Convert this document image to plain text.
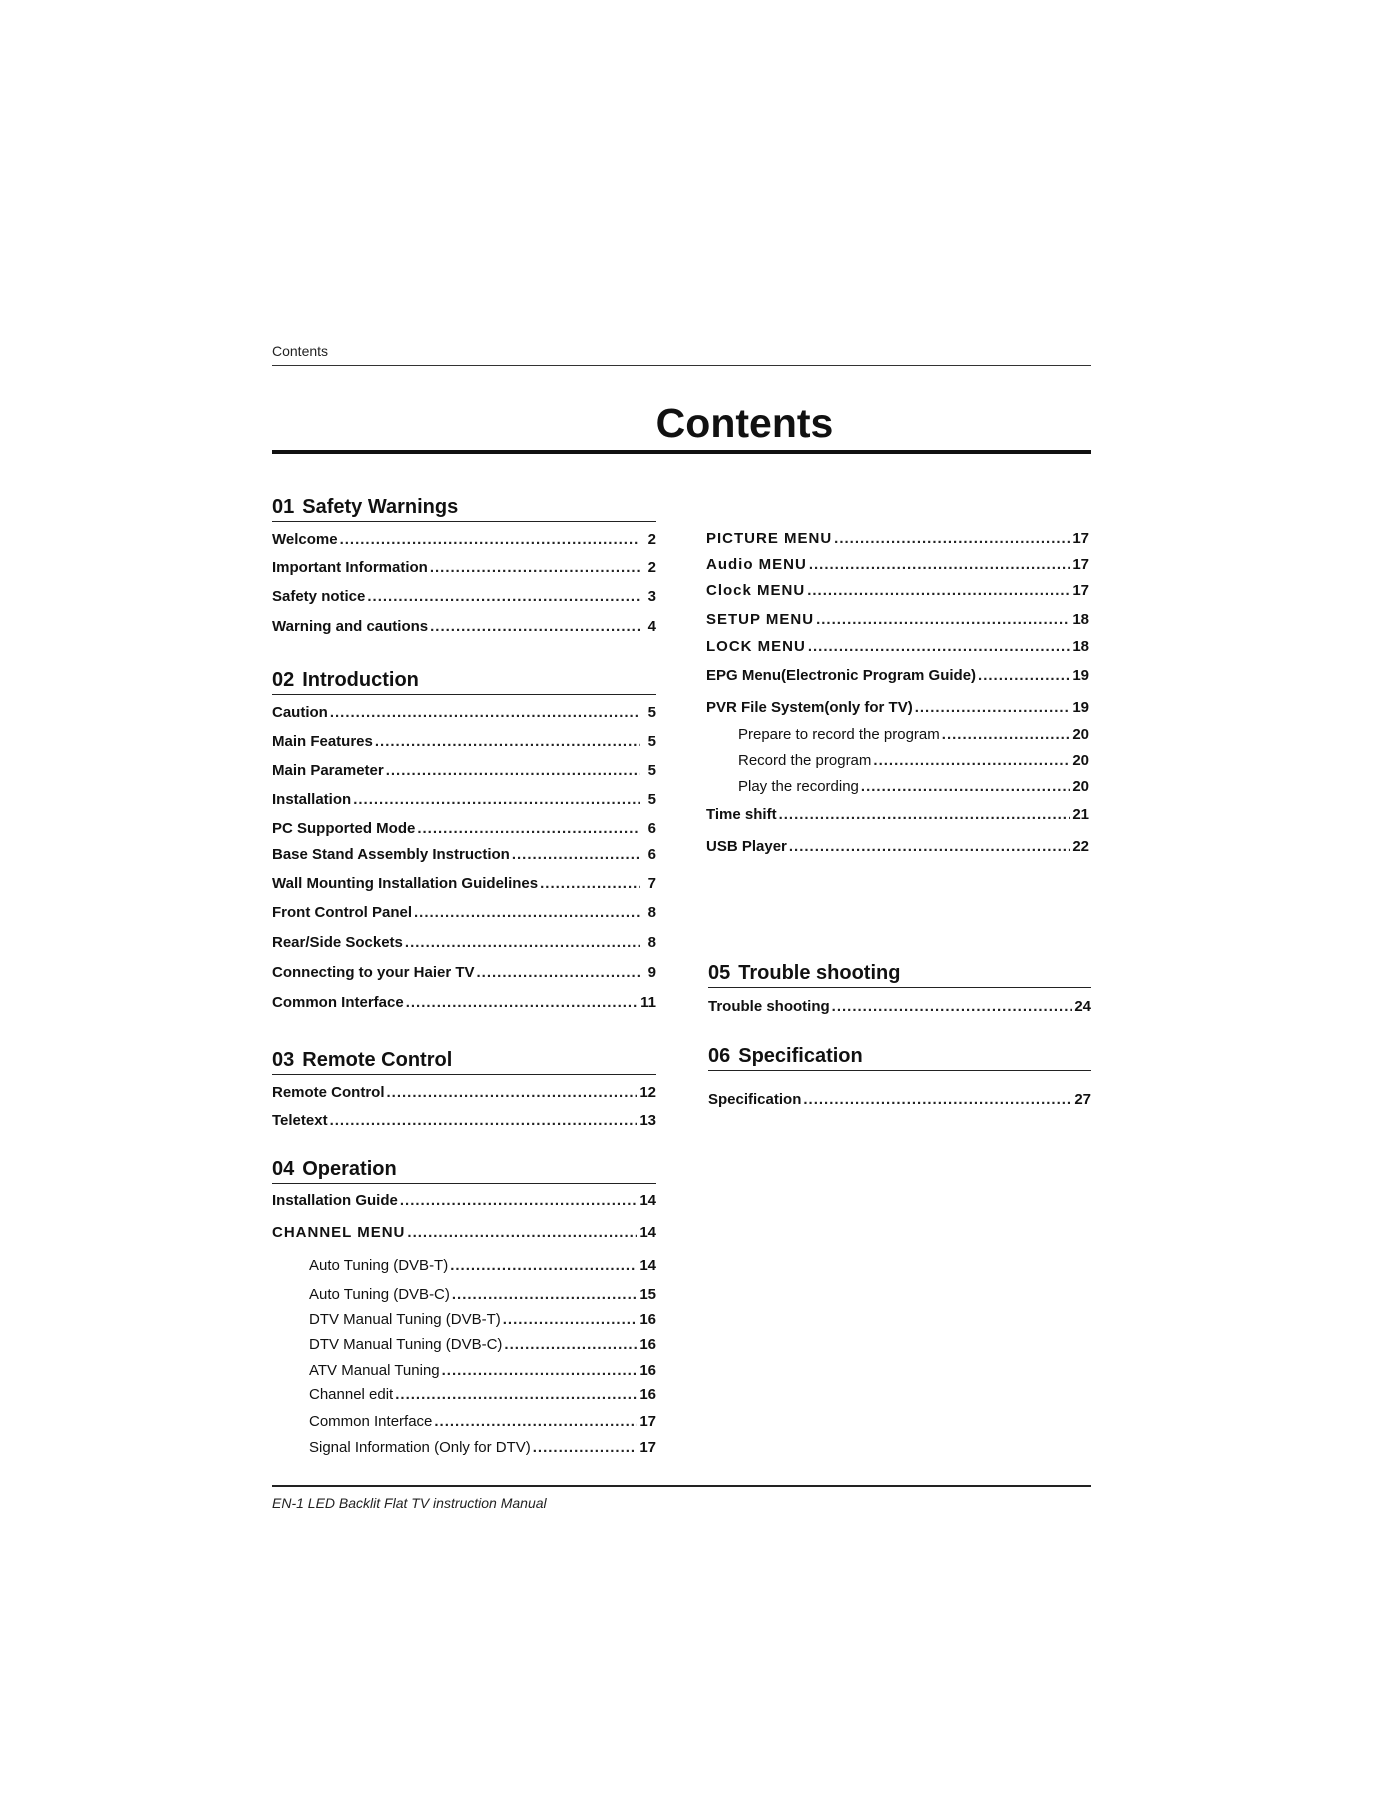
Contents
Contents
01 Safety Warnings
Welcome .....	2
Important Information .....	2
Safety notice .....	3
Warning and cautions .....	4
02 Introduction
Caution .....	5
Main Features .....	5
Main Parameter .....	5
Installation .....	5
PC Supported Mode .....	6
Base Stand Assembly Instruction .....	6
Wall Mounting Installation Guidelines .....	7
Front Control Panel .....	8
Rear/Side Sockets .....	8
Connecting to your Haier TV .....	9
Common Interface .....	11
03 Remote Control
Remote Control .....	12
Teletext .....	13
04 Operation
Installation Guide .....	14
CHANNEL MENU .....	14
Auto Tuning (DVB-T) .....	14
Auto Tuning (DVB-C) .....	15
DTV Manual Tuning (DVB-T) .....	16
DTV Manual Tuning (DVB-C) .....	16
ATV Manual Tuning .....	16
Channel edit .....	16
Common Interface .....	17
Signal Information (Only for DTV) .....	17
PICTURE MENU .....	17
Audio MENU .....	17
Clock MENU .....	17
SETUP MENU .....	18
LOCK MENU .....	18
EPG Menu(Electronic Program Guide) .....	19
PVR File System(only for TV) .....	19
Prepare to record the program .....	20
Record the program .....	20
Play the recording .....	20
Time shift .....	21
USB Player .....	22
05 Trouble shooting
Trouble shooting .....	24
06 Specification
Specification .....	27
EN-1 LED Backlit Flat TV instruction Manual
